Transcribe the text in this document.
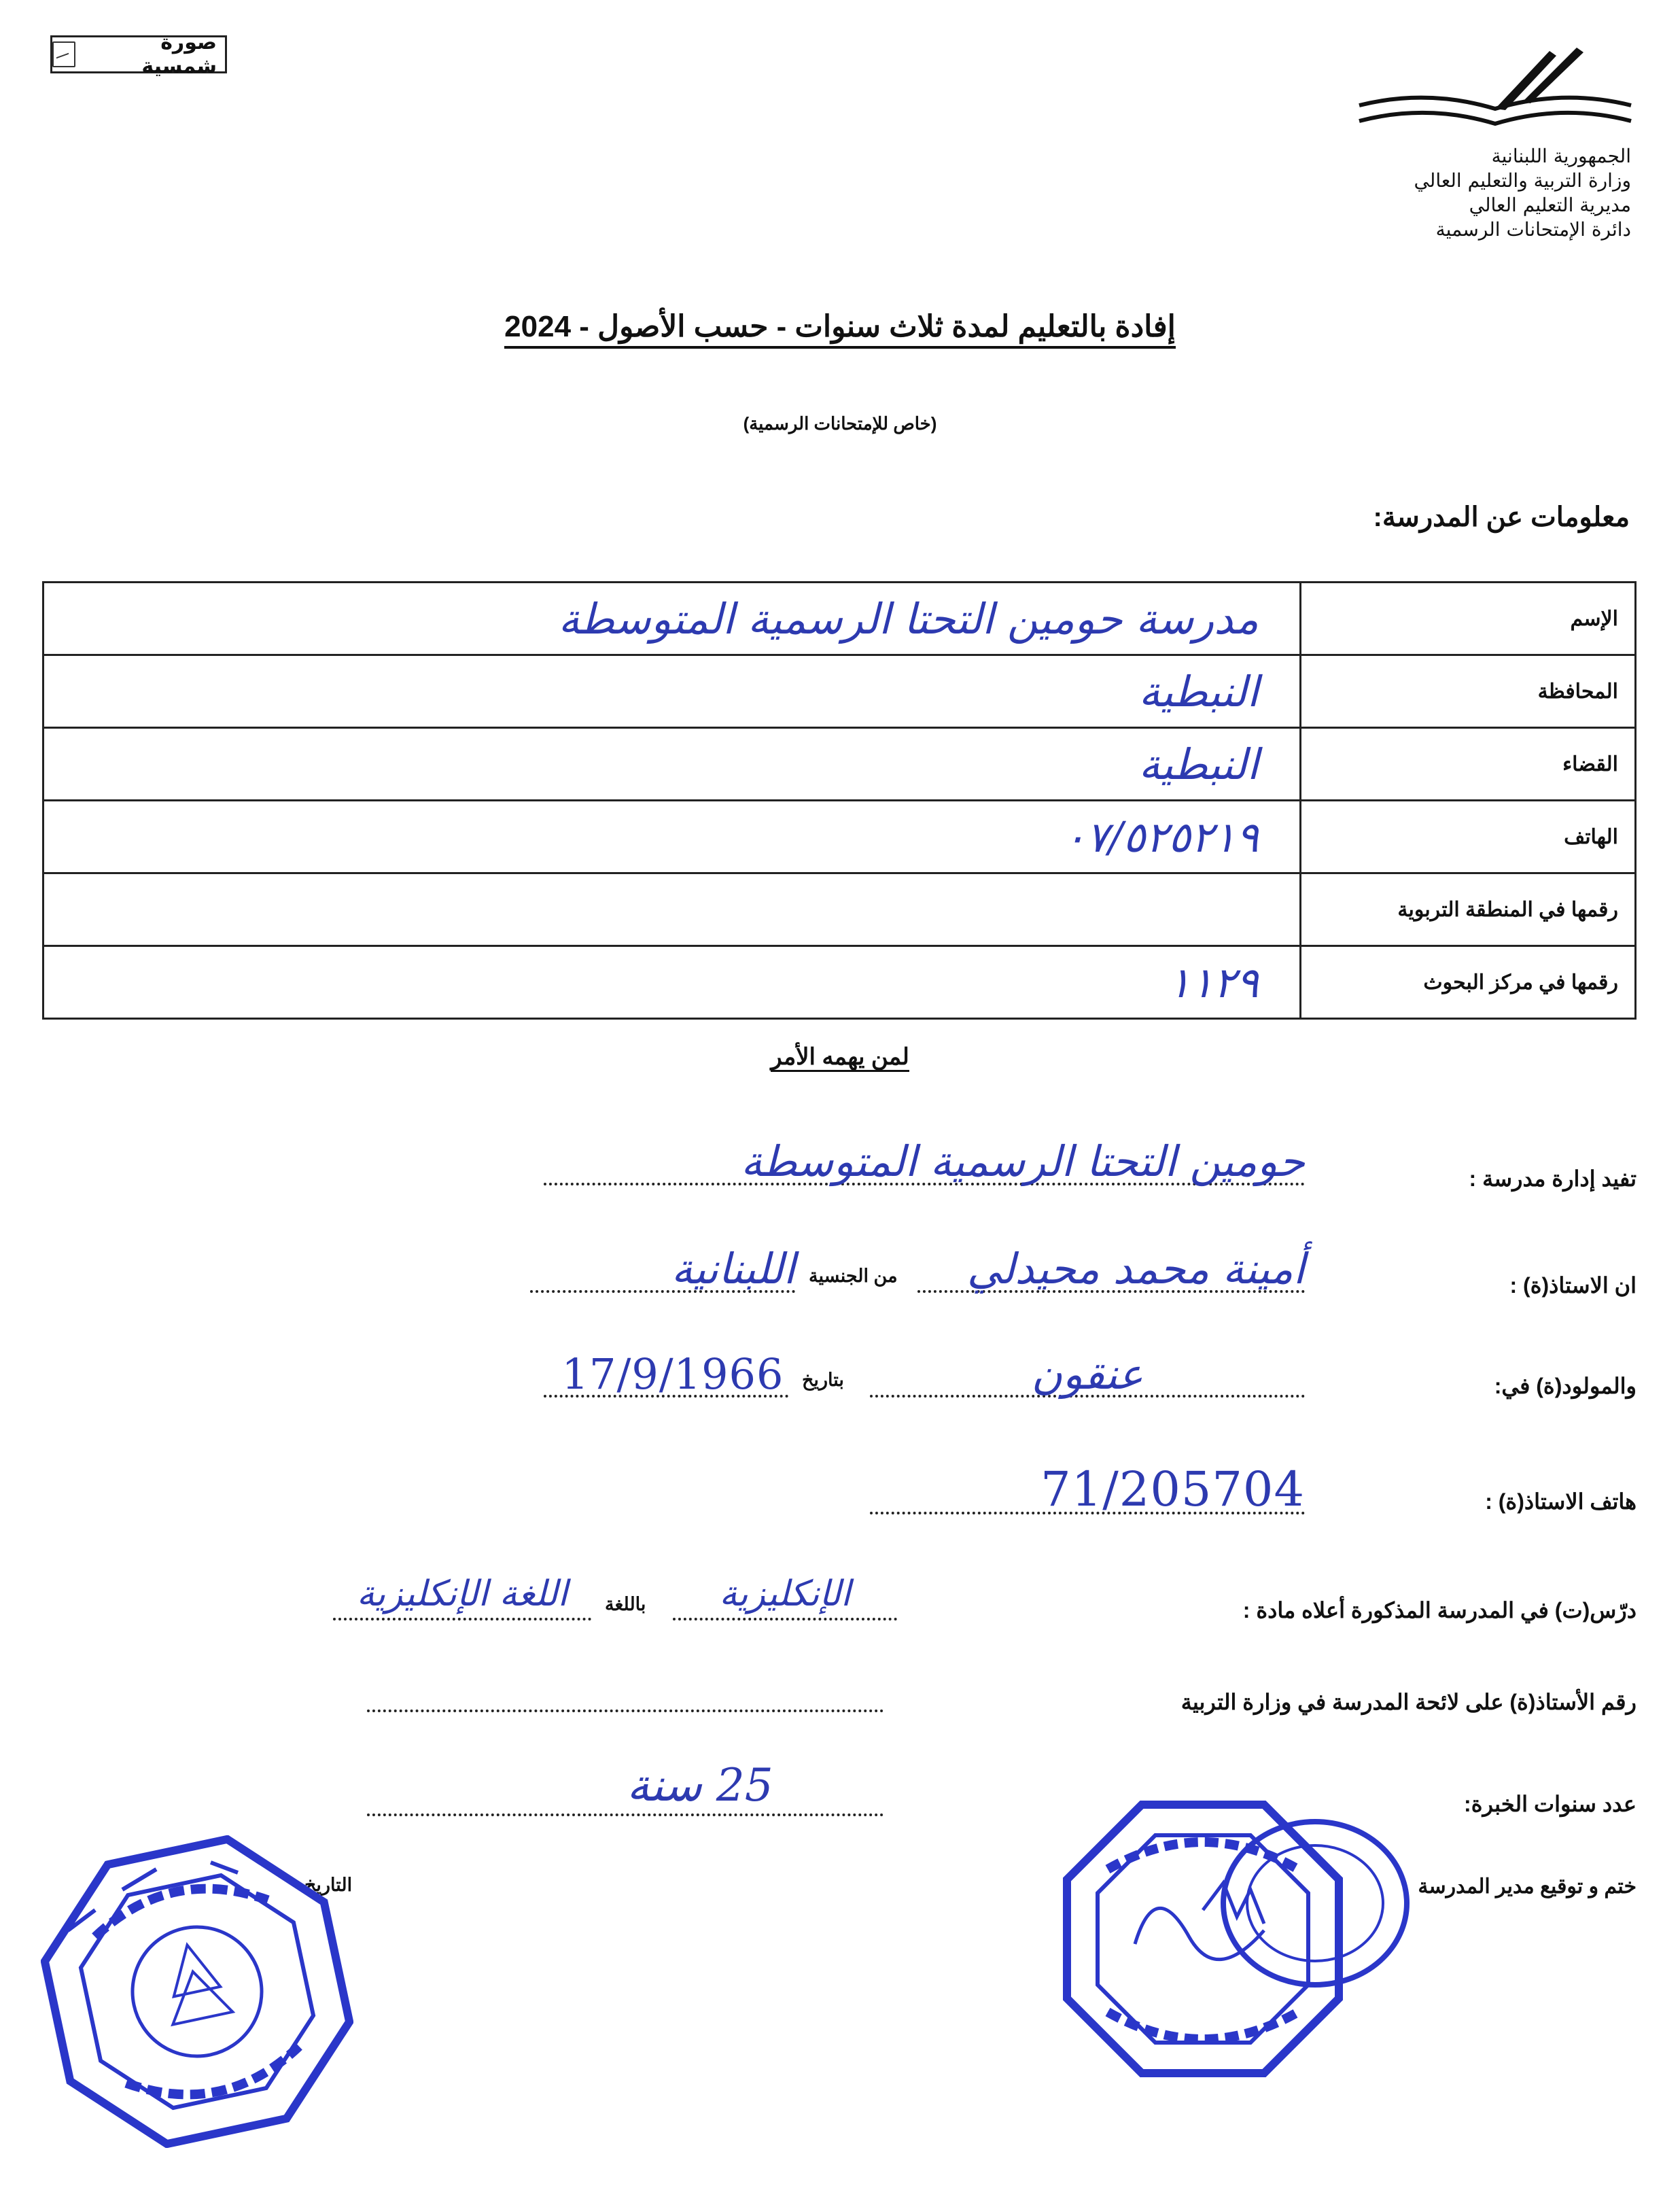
صورة شمسية
الجمهورية اللبنانية
وزارة التربية والتعليم العالي
مديرية التعليم العالي
دائرة الإمتحانات الرسمية
إفادة بالتعليم لمدة ثلاث سنوات - حسب الأصول - 2024
(خاص للإمتحانات الرسمية)
معلومات عن المدرسة:
مدرسة حومين التحتا الرسمية المتوسطة	الإسم
النبطية	المحافظة
النبطية	القضاء
٠٧/٥٢٥٢١٩	الهاتف
	رقمها في المنطقة التربوية
١١٢٩	رقمها في مركز البحوث
لمن يهمه الأمر
تفيد إدارة مدرسة :
حومين التحتا الرسمية المتوسطة
ان الاستاذ(ة) :
أمينة محمد محيدلي
من الجنسية
اللبنانية
والمولود(ة) في:
عنقون
بتاريخ
17/9/1966
هاتف الاستاذ(ة) :
71/205704
درّس(ت) في المدرسة المذكورة أعلاه مادة :
اللغة الإنكليزية	باللغة	الإنكليزية
رقم الأستاذ(ة) على لائحة المدرسة في وزارة التربية
عدد سنوات الخبرة:
25 سنة
ختم و توقيع مدير المدرسة
التاريخ
